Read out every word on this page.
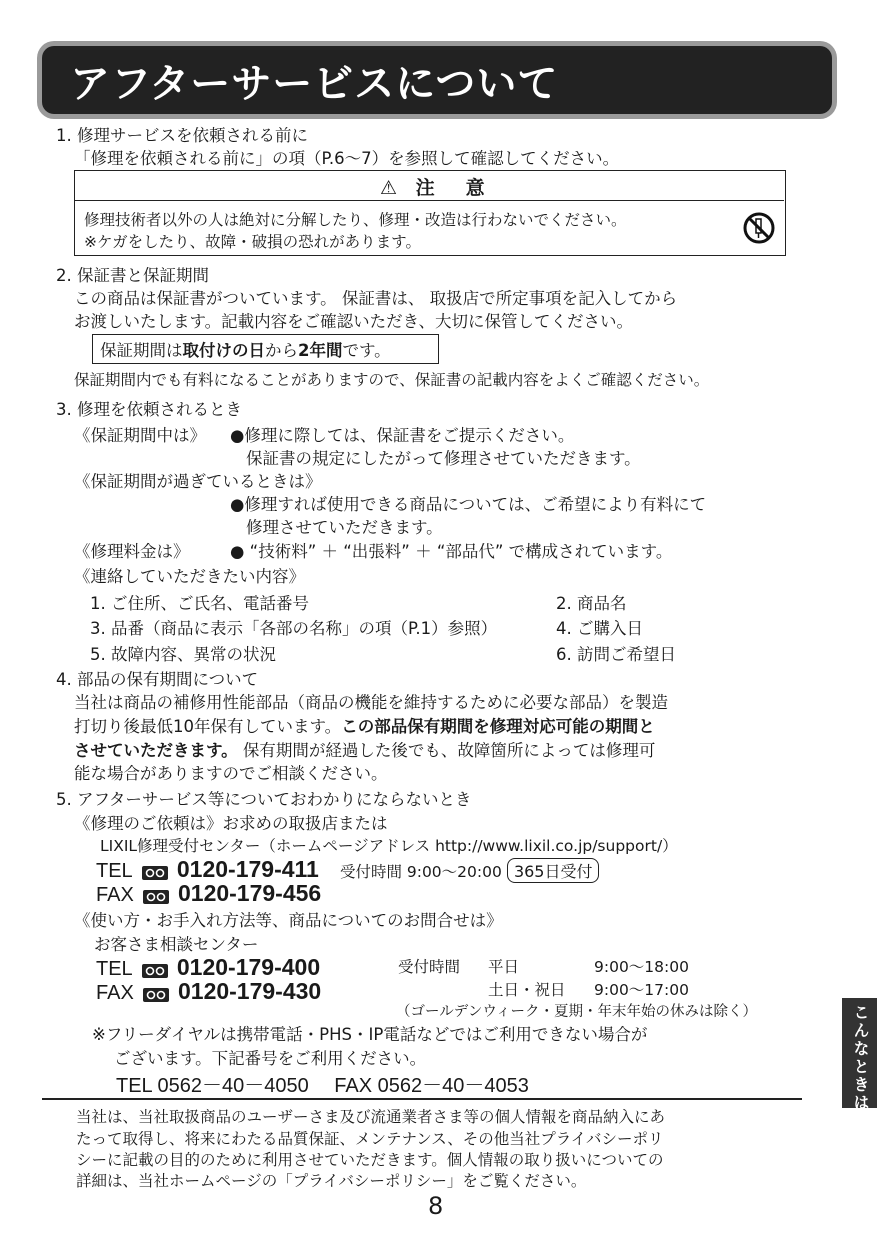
アフターサービスについて
1. 修理サービスを依頼される前に
「修理を依頼される前に」の項（P.6～7）を参照して確認してください。
⚠ 注　意
修理技術者以外の人は絶対に分解したり、修理・改造は行わないでください。
※ケガをしたり、故障・破損の恐れがあります。
2. 保証書と保証期間
この商品は保証書がついています。 保証書は、 取扱店で所定事項を記入してから
お渡しいたします。記載内容をご確認いただき、大切に保管してください。
保証期間は取付けの日から2年間です。
保証期間内でも有料になることがありますので、保証書の記載内容をよくご確認ください。
3. 修理を依頼されるとき
《保証期間中は》 ●修理に際しては、保証書をご提示ください。
保証書の規定にしたがって修理させていただきます。
《保証期間が過ぎているときは》
●修理すれば使用できる商品については、ご希望により有料にて
修理させていただきます。
《修理料金は》 ● “技術料” ＋ “出張料” ＋ “部品代” で構成されています。
《連絡していただきたい内容》
1. ご住所、ご氏名、電話番号	2. 商品名
3. 品番（商品に表示「各部の名称」の項（P.1）参照）	4. ご購入日
5. 故障内容、異常の状況	6. 訪問ご希望日
4. 部品の保有期間について
当社は商品の補修用性能部品（商品の機能を維持するために必要な部品）を製造
打切り後最低10年保有しています。この部品保有期間を修理対応可能の期間と
させていただきます。 保有期間が経過した後でも、故障箇所によっては修理可
能な場合がありますのでご相談ください。
5. アフターサービス等についておわかりにならないとき
《修理のご依頼は》お求めの取扱店または
LIXIL修理受付センター（ホームページアドレス http://www.lixil.co.jp/support/）
TEL 0120-179-411 受付時間 9:00～20:00 365日受付
FAX 0120-179-456
《使い方・お手入れ方法等、商品についてのお問合せは》
お客さま相談センター
TEL 0120-179-400
FAX 0120-179-430
受付時間 平日	9:00～18:00
土日・祝日 9:00～17:00
（ゴールデンウィーク・夏期・年末年始の休みは除く）
※フリーダイヤルは携帯電話・PHS・IP電話などではご利用できない場合が
ございます。下記番号をご利用ください。
TEL 0562－40－4050　 FAX 0562－40－4053
当社は、当社取扱商品のユーザーさま及び流通業者さま等の個人情報を商品納入にあ
たって取得し、将来にわたる品質保証、メンテナンス、その他当社プライバシーポリ
シーに記載の目的のために利用させていただきます。個人情報の取り扱いについての
詳細は、当社ホームページの「プライバシーポリシー」をご覧ください。
こんなときは
8
